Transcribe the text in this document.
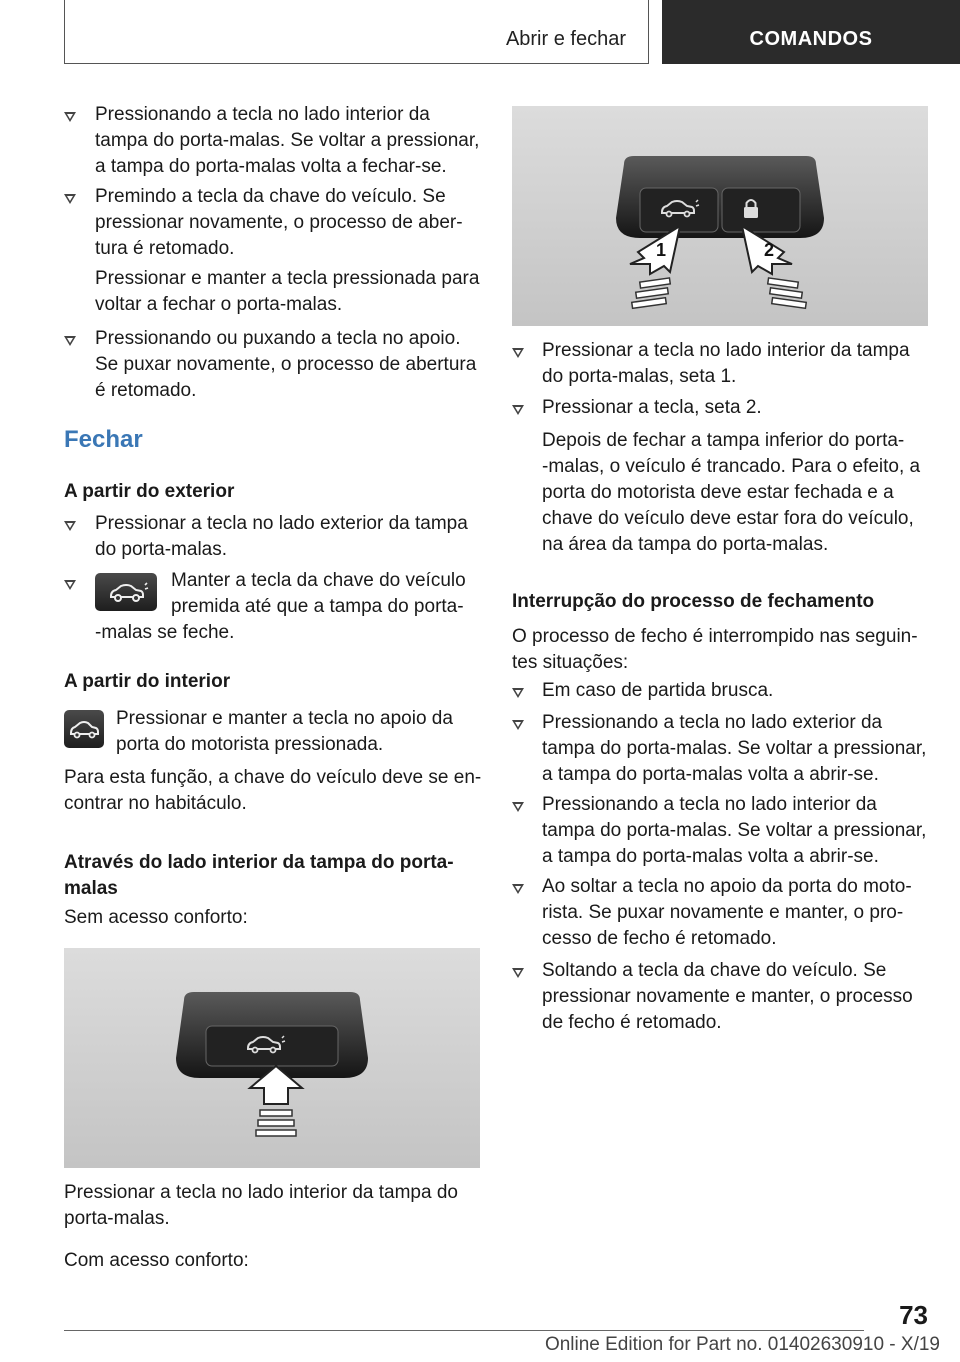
Abrir e fechar	COMANDOS
Pressionando a tecla no lado interior da
tampa do porta-malas. Se voltar a pressionar,
a tampa do porta-malas volta a fechar-se.
Premindo a tecla da chave do veículo. Se
pressionar novamente, o processo de aber-
tura é retomado.
Pressionar e manter a tecla pressionada para
voltar a fechar o porta-malas.
Pressionando ou puxando a tecla no apoio.
Se puxar novamente, o processo de abertura
é retomado.
Fechar
A partir do exterior
Pressionar a tecla no lado exterior da tampa
do porta-malas.
Manter a tecla da chave do veículo
premida até que a tampa do porta-
-malas se feche.
A partir do interior
Pressionar e manter a tecla no apoio da
porta do motorista pressionada.
Para esta função, a chave do veículo deve se en-
contrar no habitáculo.
Através do lado interior da tampa do porta-
malas
Sem acesso conforto:
Pressionar a tecla no lado interior da tampa do
porta-malas.
Com acesso conforto:
1	2
Pressionar a tecla no lado interior da tampa
do porta-malas, seta 1.
Pressionar a tecla, seta 2.
Depois de fechar a tampa inferior do porta-
-malas, o veículo é trancado. Para o efeito, a
porta do motorista deve estar fechada e a
chave do veículo deve estar fora do veículo,
na área da tampa do porta-malas.
Interrupção do processo de fechamento
O processo de fecho é interrompido nas seguin-
tes situações:
Em caso de partida brusca.
Pressionando a tecla no lado exterior da
tampa do porta-malas. Se voltar a pressionar,
a tampa do porta-malas volta a abrir-se.
Pressionando a tecla no lado interior da
tampa do porta-malas. Se voltar a pressionar,
a tampa do porta-malas volta a abrir-se.
Ao soltar a tecla no apoio da porta do moto-
rista. Se puxar novamente e manter, o pro-
cesso de fecho é retomado.
Soltando a tecla da chave do veículo. Se
pressionar novamente e manter, o processo
de fecho é retomado.
73
Online Edition for Part no. 01402630910 - X/19
